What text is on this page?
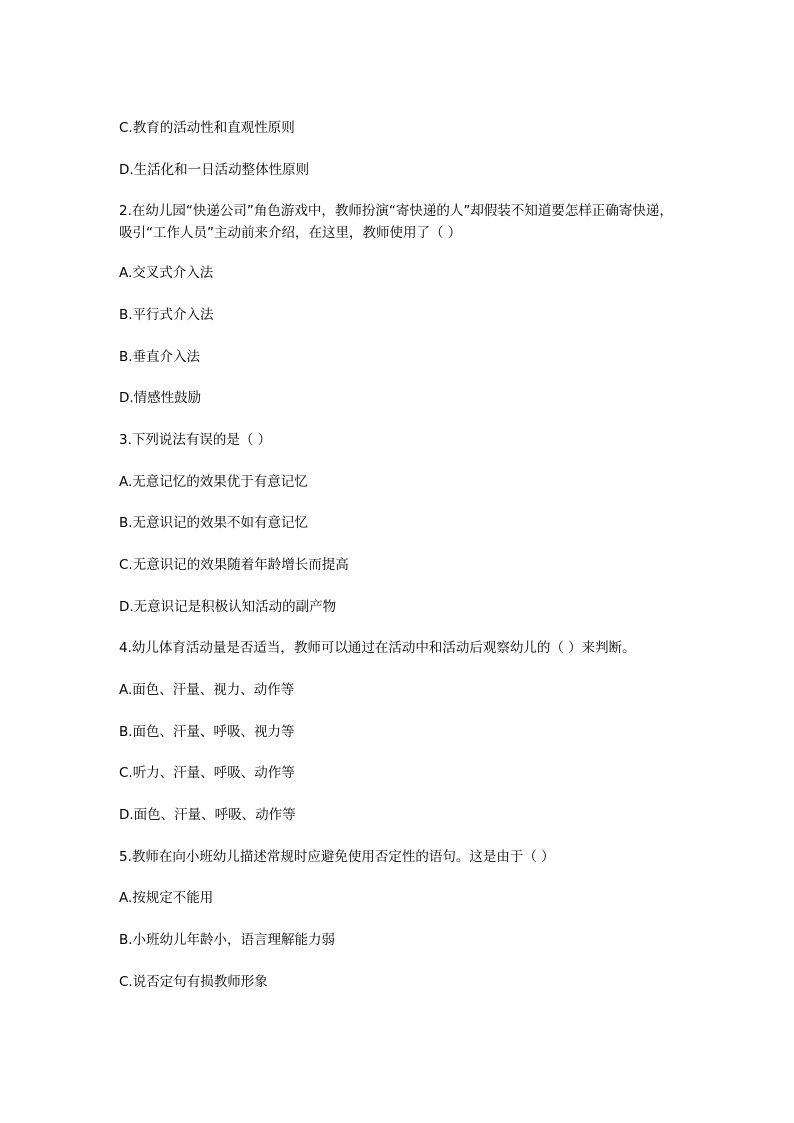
C.教育的活动性和直观性原则
D.生活化和一日活动整体性原则
2.在幼儿园“快递公司”角色游戏中，教师扮演“寄快递的人”却假装不知道要怎样正确寄快递，吸引“工作人员”主动前来介绍，在这里，教师使用了（ ）
A.交叉式介入法
B.平行式介入法
B.垂直介入法
D.情感性鼓励
3.下列说法有误的是（ ）
A.无意记忆的效果优于有意记忆
B.无意识记的效果不如有意记忆
C.无意识记的效果随着年龄增长而提高
D.无意识记是积极认知活动的副产物
4.幼儿体育活动量是否适当，教师可以通过在活动中和活动后观察幼儿的（ ）来判断。
A.面色、汗量、视力、动作等
B.面色、汗量、呼吸、视力等
C.听力、汗量、呼吸、动作等
D.面色、汗量、呼吸、动作等
5.教师在向小班幼儿描述常规时应避免使用否定性的语句。这是由于（ ）
A.按规定不能用
B.小班幼儿年龄小，语言理解能力弱
C.说否定句有损教师形象
